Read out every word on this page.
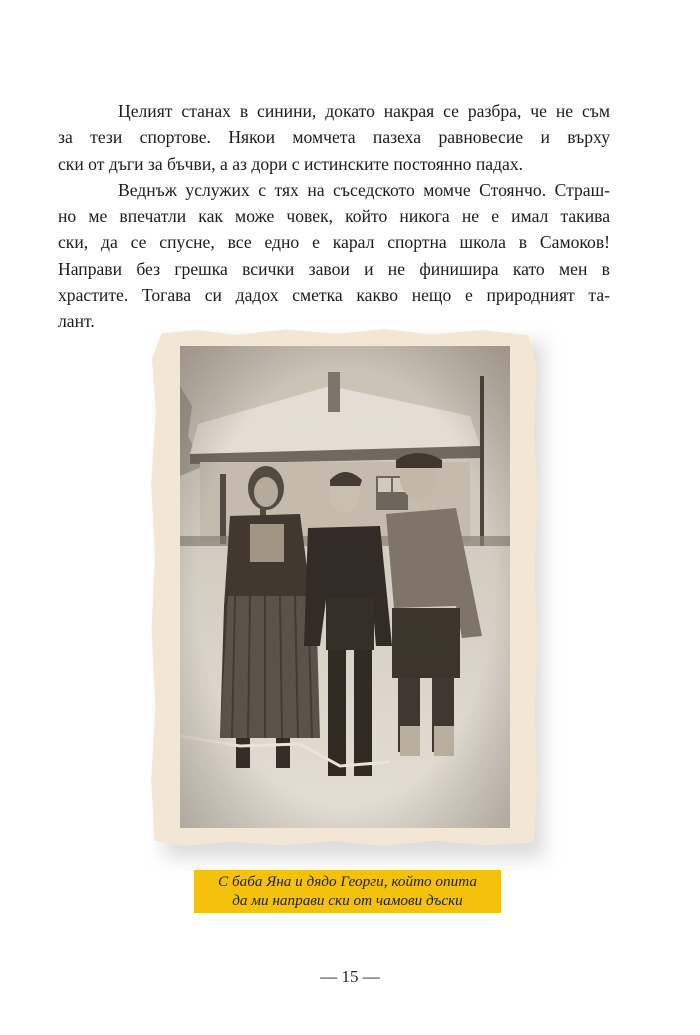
Целият станах в синини, докато накрая се разбра, че не съм
за тези спортове. Някои момчета пазеха равновесие и върху
ски от дъги за бъчви, а аз дори с истинските постоянно падах.

Веднъж услужих с тях на съседското момче Стоянчо. Страш-
но ме впечатли как може човек, който никога не е имал такива
ски, да се спусне, все едно е карал спортна школа в Самоков!
Направи без грешка всички завои и не финишира като мен в
храстите. Тогава си дадох сметка какво нещо е природният та-
лант.

С баба Яна и дядо Георги, който опита
да ми направи ски от чамови дъски
— 15 —
